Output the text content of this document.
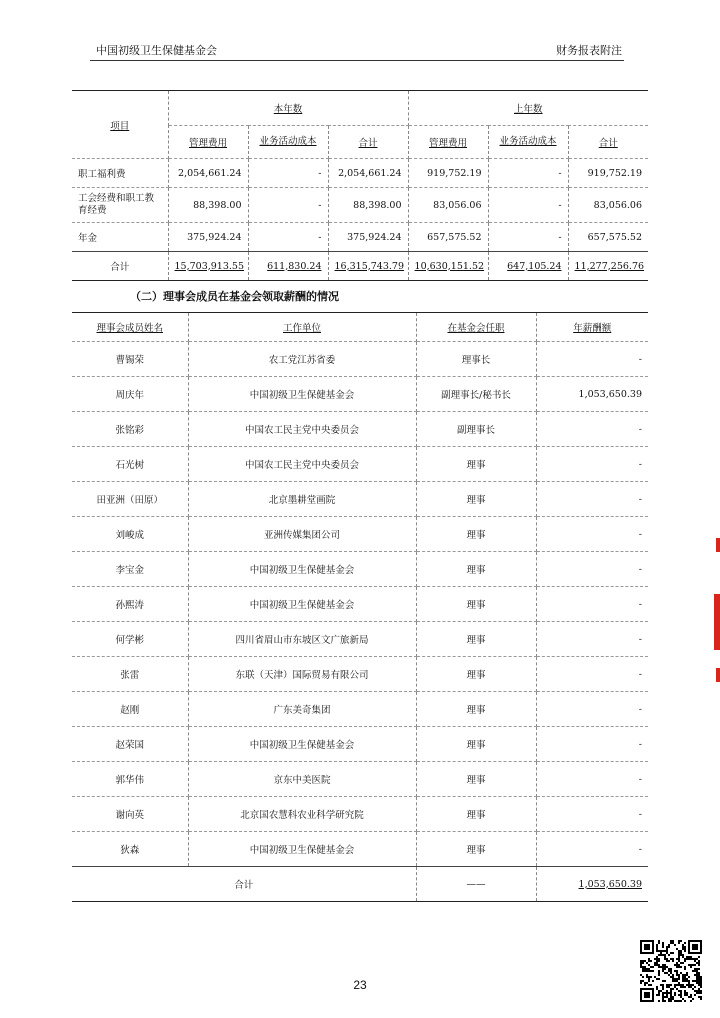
中国初级卫生保健基金会	财务报表附注
项目	本年数			上年数		
	管理费用	业务活动成本	合计	管理费用	业务活动成本	合计
职工福利费	2,054,661.24	-	2,054,661.24	919,752.19	-	919,752.19
工会经费和职工教育经费	88,398.00	-	88,398.00	83,056.06	-	83,056.06
年金	375,924.24	-	375,924.24	657,575.52	-	657,575.52
合计	15,703,913.55	611,830.24	16,315,743.79	10,630,151.52	647,105.24	11,277,256.76
（二）理事会成员在基金会领取薪酬的情况
理事会成员姓名	工作单位	在基金会任职	年薪酬额
曹锡荣	农工党江苏省委	理事长	-
周庆年	中国初级卫生保健基金会	副理事长/秘书长	1,053,650.39
张铭彩	中国农工民主党中央委员会	副理事长	-
石光树	中国农工民主党中央委员会	理事	-
田亚洲（田原）	北京墨耕堂画院	理事	-
刘峻成	亚洲传媒集团公司	理事	-
李宝金	中国初级卫生保健基金会	理事	-
孙熙涛	中国初级卫生保健基金会	理事	-
何学彬	四川省眉山市东坡区文广旅新局	理事	-
张雷	东联（天津）国际贸易有限公司	理事	-
赵刚	广东美奇集团	理事	-
赵荣国	中国初级卫生保健基金会	理事	-
郭华伟	京东中美医院	理事	-
谢向英	北京国农慧科农业科学研究院	理事	-
狄森	中国初级卫生保健基金会	理事	-
合计		——	1,053,650.39
23
